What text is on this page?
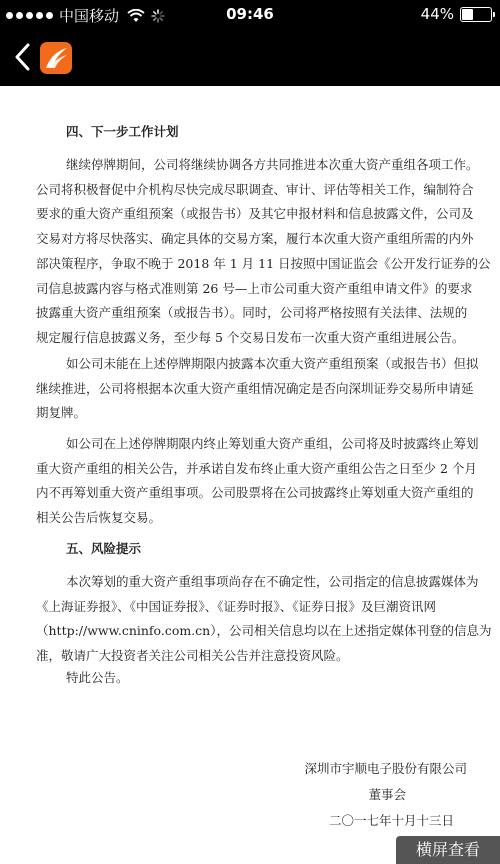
中国移动	09:46	44%
四、下一步工作计划
五、风险提示
特此公告。
深圳市宇顺电子股份有限公司
董事会
二〇一七年十月十三日
继续停牌期间，公司将继续协调各方共同推进本次重大资产重组各项工作。
公司将积极督促中介机构尽快完成尽职调查、审计、评估等相关工作，编制符合
要求的重大资产重组预案（或报告书）及其它申报材料和信息披露文件，公司及
交易对方将尽快落实、确定具体的交易方案，履行本次重大资产重组所需的内外
部决策程序，争取不晚于 2018 年 1 月 11 日按照中国证监会《公开发行证券的公
司信息披露内容与格式准则第 26 号—上市公司重大资产重组申请文件》的要求
披露重大资产重组预案（或报告书）。同时，公司将严格按照有关法律、法规的
规定履行信息披露义务，至少每 5 个交易日发布一次重大资产重组进展公告。
如公司未能在上述停牌期限内披露本次重大资产重组预案（或报告书）但拟
继续推进，公司将根据本次重大资产重组情况确定是否向深圳证券交易所申请延
期复牌。
如公司在上述停牌期限内终止筹划重大资产重组，公司将及时披露终止筹划
重大资产重组的相关公告，并承诺自发布终止重大资产重组公告之日至少 2 个月
内不再筹划重大资产重组事项。公司股票将在公司披露终止筹划重大资产重组的
相关公告后恢复交易。
本次筹划的重大资产重组事项尚存在不确定性，公司指定的信息披露媒体为
《上海证券报》、《中国证券报》、《证券时报》、《证券日报》及巨潮资讯网
（http://www.cninfo.com.cn），公司相关信息均以在上述指定媒体刊登的信息为
准，敬请广大投资者关注公司相关公告并注意投资风险。
横屏查看
